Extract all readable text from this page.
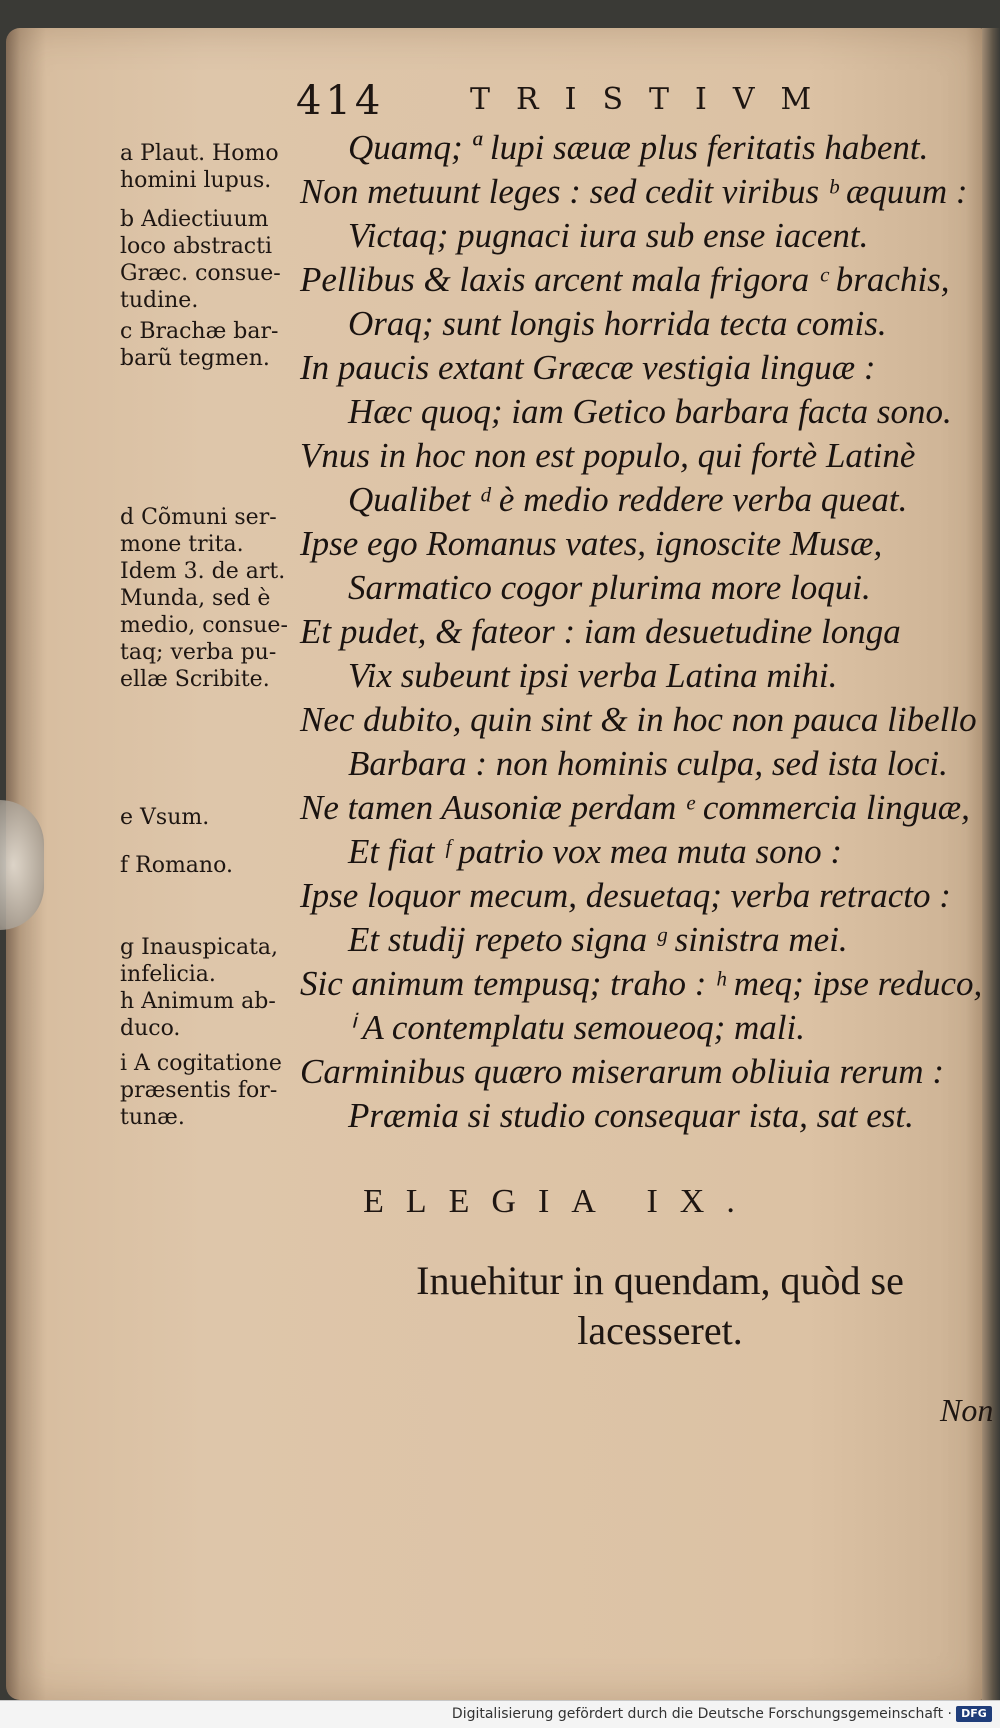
414	TRISTIVM
a Plaut. Homo
homini lupus.
b Adiectiuum
loco abstracti
Græc. consue-
tudine.
c Brachæ bar-
barũ tegmen.
d Cõmuni ser-
mone trita.
Idem 3. de art.
Munda, sed è
medio, consue-
taq; verba pu-
ellæ Scribite.
e Vsum.
f Romano.
g Inauspicata,
infelicia.
h Animum ab-
duco.
i A cogitatione
præsentis for-
tunæ.
Quamq; ª lupi sæuæ plus feritatis habent.
Non metuunt leges : sed cedit viribus ᵇ æquum :
Victaq; pugnaci iura sub ense iacent.
Pellibus & laxis arcent mala frigora ᶜ brachis,
Oraq; sunt longis horrida tecta comis.
In paucis extant Græcæ vestigia linguæ :
Hæc quoq; iam Getico barbara facta sono.
Vnus in hoc non est populo, qui fortè Latinè
Qualibet ᵈ è medio reddere verba queat.
Ipse ego Romanus vates, ignoscite Musæ,
Sarmatico cogor plurima more loqui.
Et pudet, & fateor : iam desuetudine longa
Vix subeunt ipsi verba Latina mihi.
Nec dubito, quin sint & in hoc non pauca libello
Barbara : non hominis culpa, sed ista loci.
Ne tamen Ausoniæ perdam ᵉ commercia linguæ,
Et fiat ᶠ patrio vox mea muta sono :
Ipse loquor mecum, desuetaq; verba retracto :
Et studij repeto signa ᵍ sinistra mei.
Sic animum tempusq; traho : ʰ meq; ipse reduco,
ⁱ A contemplatu semoueoq; mali.
Carminibus quæro miserarum obliuia rerum :
Præmia si studio consequar ista, sat est.
ELEGIA IX.
Inuehitur in quendam, quòd se lacesseret.
Non
Digitalisierung gefördert durch die Deutsche Forschungsgemeinschaft · DFG
